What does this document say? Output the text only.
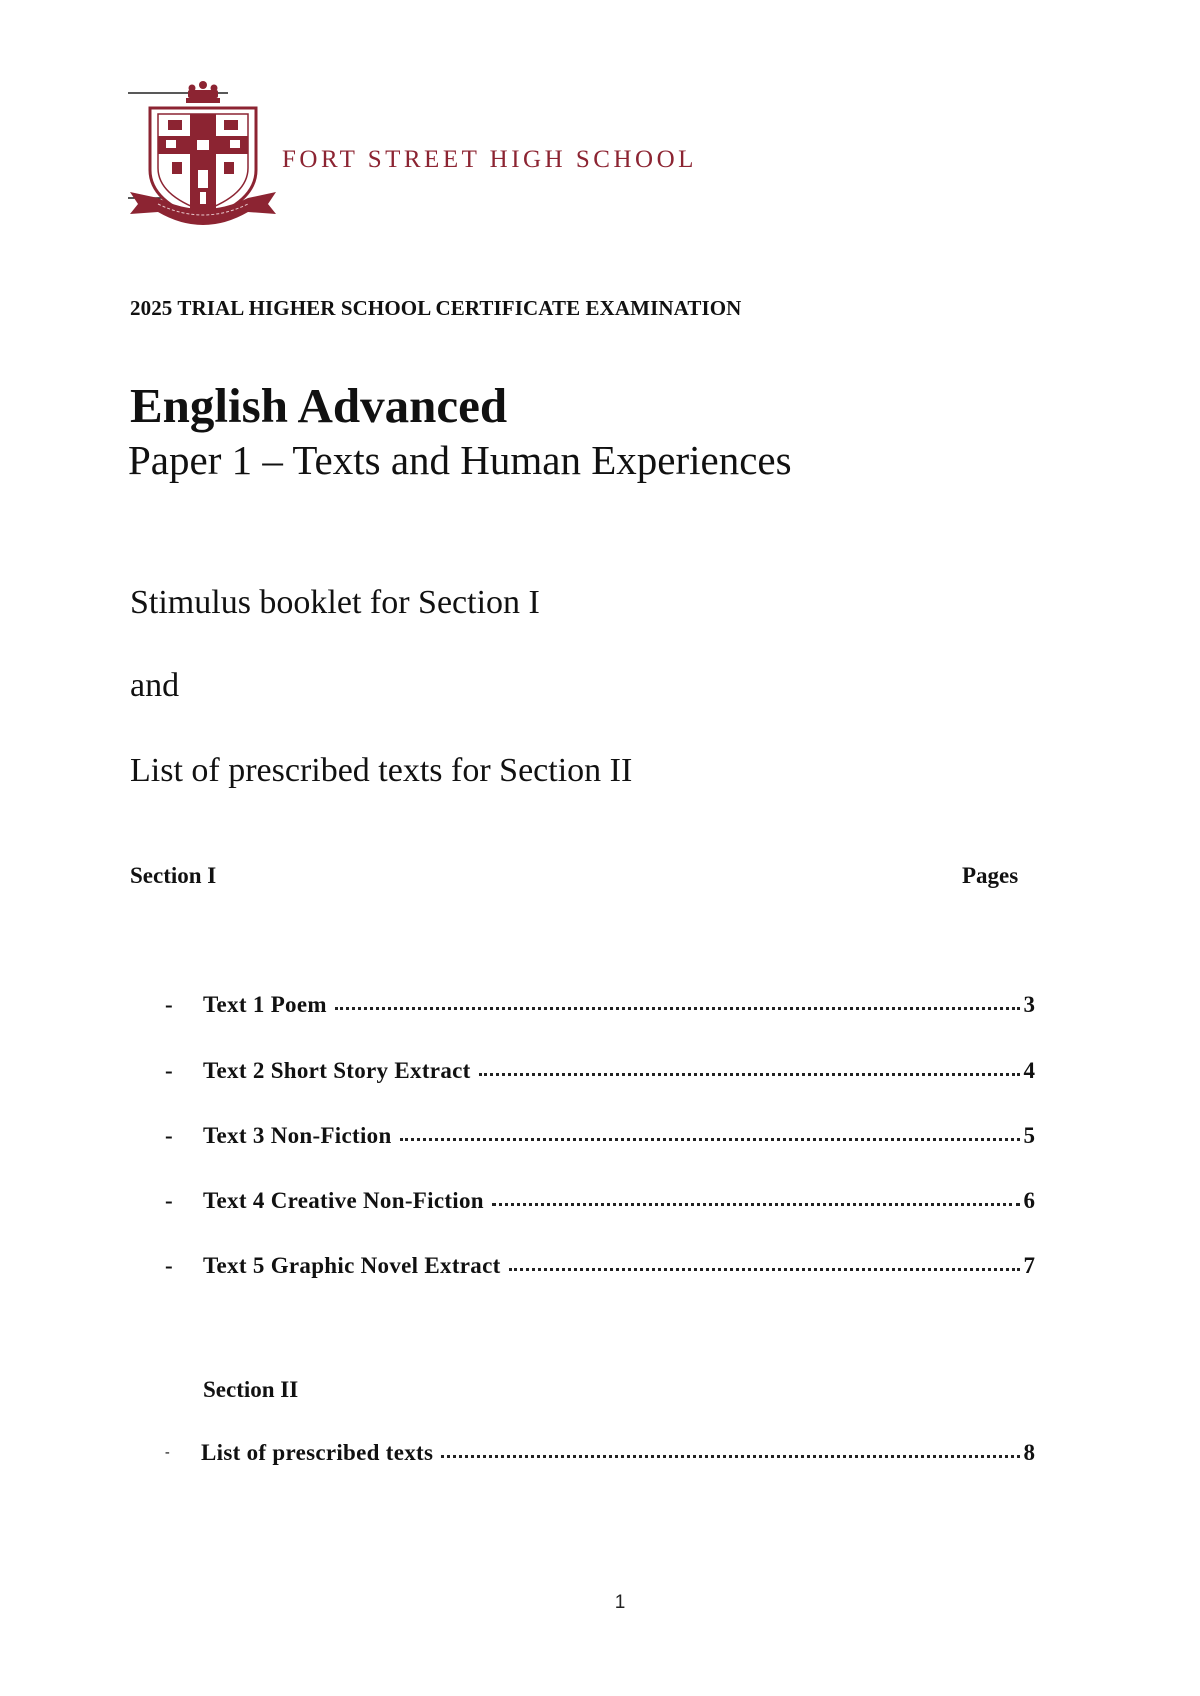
FORT STREET HIGH SCHOOL
2025 TRIAL HIGHER SCHOOL CERTIFICATE EXAMINATION
English Advanced
Paper 1 – Texts and Human Experiences
Stimulus booklet for Section I
and
List of prescribed texts for Section II
Section I	Pages
- Text 1 Poem	3
- Text 2 Short Story Extract	4
- Text 3 Non-Fiction	5
- Text 4 Creative Non-Fiction	6
- Text 5 Graphic Novel Extract	7
Section II
- List of prescribed texts	8
1
